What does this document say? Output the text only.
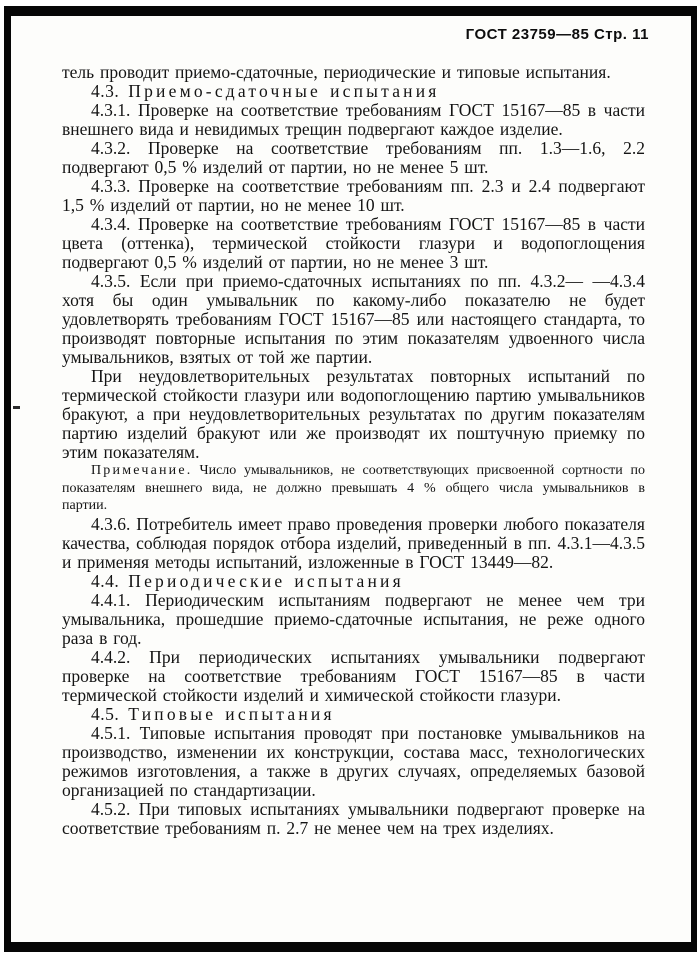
ГОСТ 23759—85 Стр. 11

тель проводит приемо-сдаточные, периодические и типовые испытания.

4.3. Приемо-сдаточные испытания

4.3.1. Проверке на соответствие требованиям ГОСТ 15167—85 в части внешнего вида и невидимых трещин подвергают каждое изделие.

4.3.2. Проверке на соответствие требованиям пп. 1.3—1.6, 2.2 подвергают 0,5 % изделий от партии, но не менее 5 шт.

4.3.3. Проверке на соответствие требованиям пп. 2.3 и 2.4 подвергают 1,5 % изделий от партии, но не менее 10 шт.

4.3.4. Проверке на соответствие требованиям ГОСТ 15167—85 в части цвета (оттенка), термической стойкости глазури и водопоглощения подвергают 0,5 % изделий от партии, но не менее 3 шт.

4.3.5. Если при приемо-сдаточных испытаниях по пп. 4.3.2— —4.3.4 хотя бы один умывальник по какому-либо показателю не будет удовлетворять требованиям ГОСТ 15167—85 или настоящего стандарта, то производят повторные испытания по этим показателям удвоенного числа умывальников, взятых от той же партии.

При неудовлетворительных результатах повторных испытаний по термической стойкости глазури или водопоглощению партию умывальников бракуют, а при неудовлетворительных результатах по другим показателям партию изделий бракуют или же производят их поштучную приемку по этим показателям.

Примечание. Число умывальников, не соответствующих присвоенной сортности по показателям внешнего вида, не должно превышать 4 % общего числа умывальников в партии.

4.3.6. Потребитель имеет право проведения проверки любого показателя качества, соблюдая порядок отбора изделий, приведенный в пп. 4.3.1—4.3.5 и применяя методы испытаний, изложенные в ГОСТ 13449—82.

4.4. Периодические испытания

4.4.1. Периодическим испытаниям подвергают не менее чем три умывальника, прошедшие приемо-сдаточные испытания, не реже одного раза в год.

4.4.2. При периодических испытаниях умывальники подвергают проверке на соответствие требованиям ГОСТ 15167—85 в части термической стойкости изделий и химической стойкости глазури.

4.5. Типовые испытания

4.5.1. Типовые испытания проводят при постановке умывальников на производство, изменении их конструкции, состава масс, технологических режимов изготовления, а также в других случаях, определяемых базовой организацией по стандартизации.

4.5.2. При типовых испытаниях умывальники подвергают проверке на соответствие требованиям п. 2.7 не менее чем на трех изделиях.
